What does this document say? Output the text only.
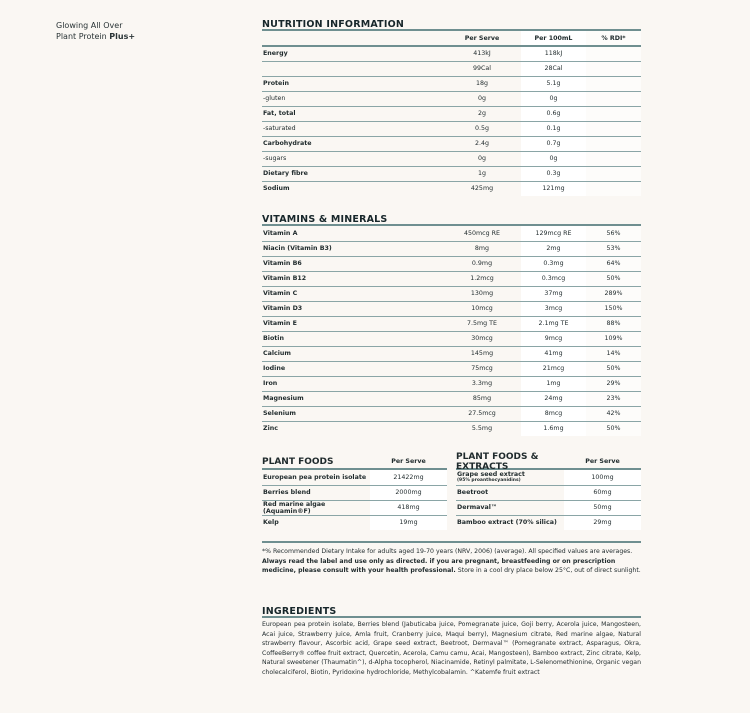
Glowing All Over
Plant Protein Plus+
NUTRITION INFORMATION
	Per Serve	Per 100mL	% RDI*
Energy	413kJ	118kJ	
	99Cal	28Cal	
Protein	18g	5.1g	
-gluten	0g	0g	
Fat, total	2g	0.6g	
-saturated	0.5g	0.1g	
Carbohydrate	2.4g	0.7g	
-sugars	0g	0g	
Dietary fibre	1g	0.3g	
Sodium	425mg	121mg	
VITAMINS & MINERALS
Vitamin A	450mcg RE	129mcg RE	56%
Niacin (Vitamin B3)	8mg	2mg	53%
Vitamin B6	0.9mg	0.3mg	64%
Vitamin B12	1.2mcg	0.3mcg	50%
Vitamin C	130mg	37mg	289%
Vitamin D3	10mcg	3mcg	150%
Vitamin E	7.5mg TE	2.1mg TE	88%
Biotin	30mcg	9mcg	109%
Calcium	145mg	41mg	14%
Iodine	75mcg	21mcg	50%
Iron	3.3mg	1mg	29%
Magnesium	85mg	24mg	23%
Selenium	27.5mcg	8mcg	42%
Zinc	5.5mg	1.6mg	50%
PLANT FOODS	Per Serve
European pea protein isolate	21422mg
Berries blend	2000mg
Red marine algae (Aquamin®F)	418mg
Kelp	19mg
PLANT FOODS & EXTRACTS	Per Serve
Grape seed extract
(95% proanthocyanidins)	100mg
Beetroot	60mg
Dermaval™	50mg
Bamboo extract (70% silica)	29mg
*% Recommended Dietary Intake for adults aged 19-70 years (NRV, 2006) (average). All specified values are averages. Always read the label and use only as directed. if you are pregnant, breastfeeding or on prescription medicine, please consult with your health professional. Store in a cool dry place below 25°C, out of direct sunlight.
INGREDIENTS
European pea protein isolate, Berries blend (Jabuticaba juice, Pomegranate juice, Goji berry, Acerola juice, Mangosteen, Acai juice, Strawberry juice, Amla fruit, Cranberry juice, Maqui berry), Magnesium citrate, Red marine algae, Natural strawberry flavour, Ascorbic acid, Grape seed extract, Beetroot, Dermaval™ (Pomegranate extract, Asparagus, Okra, CoffeeBerry® coffee fruit extract, Quercetin, Acerola, Camu camu, Acai, Mangosteen), Bamboo extract, Zinc citrate, Kelp, Natural sweetener (Thaumatin^), d-Alpha tocopherol, Niacinamide, Retinyl palmitate, L-Selenomethionine, Organic vegan cholecalciferol, Biotin, Pyridoxine hydrochloride, Methylcobalamin. ^Katemfe fruit extract
